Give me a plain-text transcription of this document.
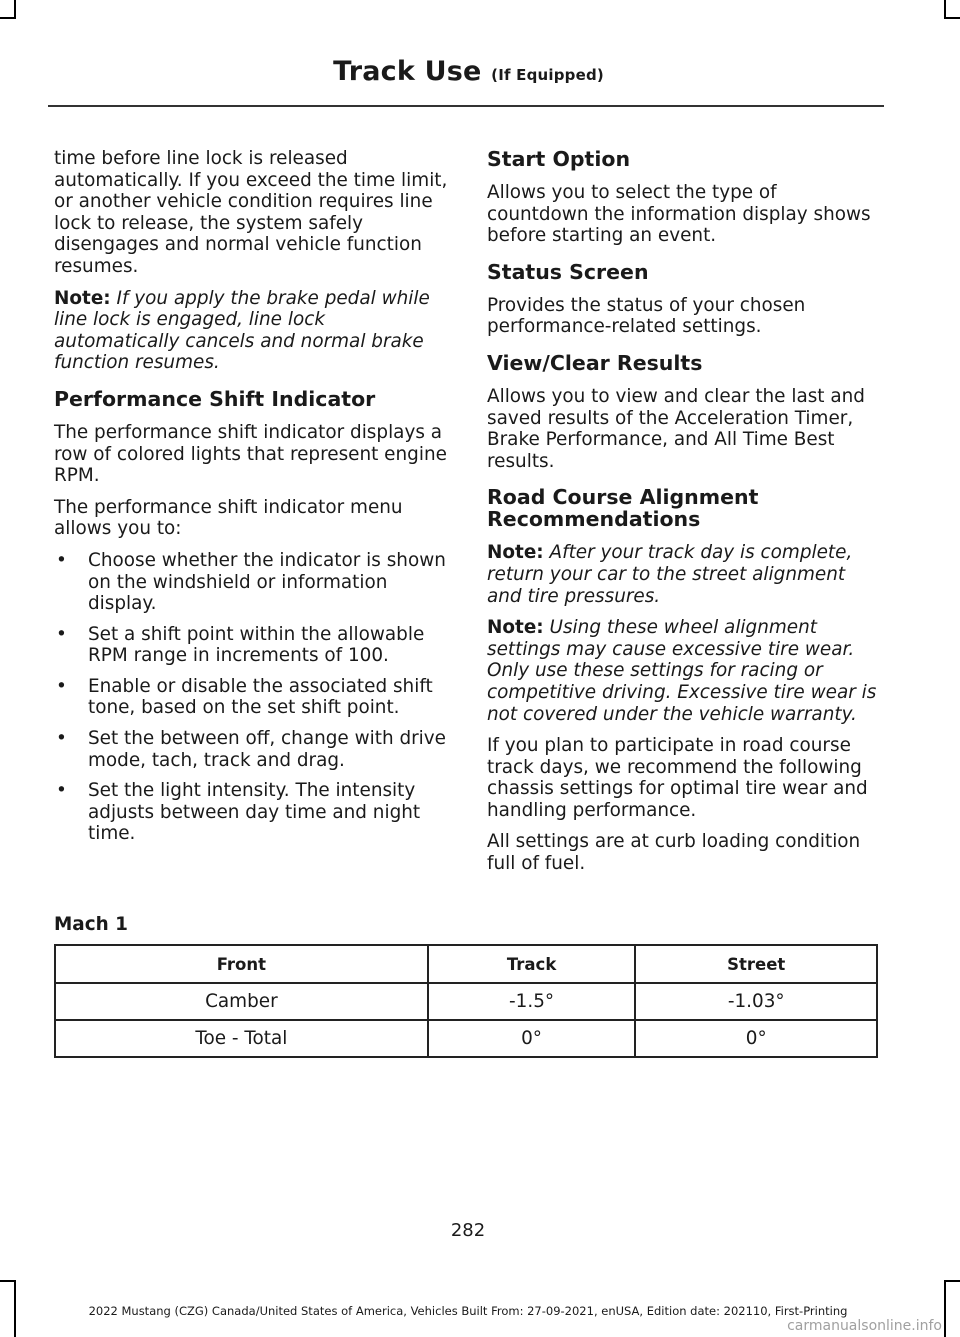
Track Use (If Equipped)

time before line lock is released automatically. If you exceed the time limit, or another vehicle condition requires line lock to release, the system safely disengages and normal vehicle function resumes.

Note: If you apply the brake pedal while line lock is engaged, line lock automatically cancels and normal brake function resumes.

Performance Shift Indicator

The performance shift indicator displays a row of colored lights that represent engine RPM.

The performance shift indicator menu allows you to:

• Choose whether the indicator is shown on the windshield or information display.
• Set a shift point within the allowable RPM range in increments of 100.
• Enable or disable the associated shift tone, based on the set shift point.
• Set the between off, change with drive mode, tach, track and drag.
• Set the light intensity. The intensity adjusts between day time and night time.
Start Option

Allows you to select the type of countdown the information display shows before starting an event.

Status Screen

Provides the status of your chosen performance-related settings.

View/Clear Results

Allows you to view and clear the last and saved results of the Acceleration Timer, Brake Performance, and All Time Best results.

Road Course Alignment Recommendations

Note: After your track day is complete, return your car to the street alignment and tire pressures.

Note: Using these wheel alignment settings may cause excessive tire wear. Only use these settings for racing or competitive driving. Excessive tire wear is not covered under the vehicle warranty.

If you plan to participate in road course track days, we recommend the following chassis settings for optimal tire wear and handling performance.

All settings are at curb loading condition full of fuel.

Mach 1
Front	Track	Street
Camber	-1.5°	-1.03°
Toe - Total	0°	0°
282
2022 Mustang (CZG) Canada/United States of America, Vehicles Built From: 27-09-2021, enUSA, Edition date: 202110, First-Printing
carmanualsonline.info
